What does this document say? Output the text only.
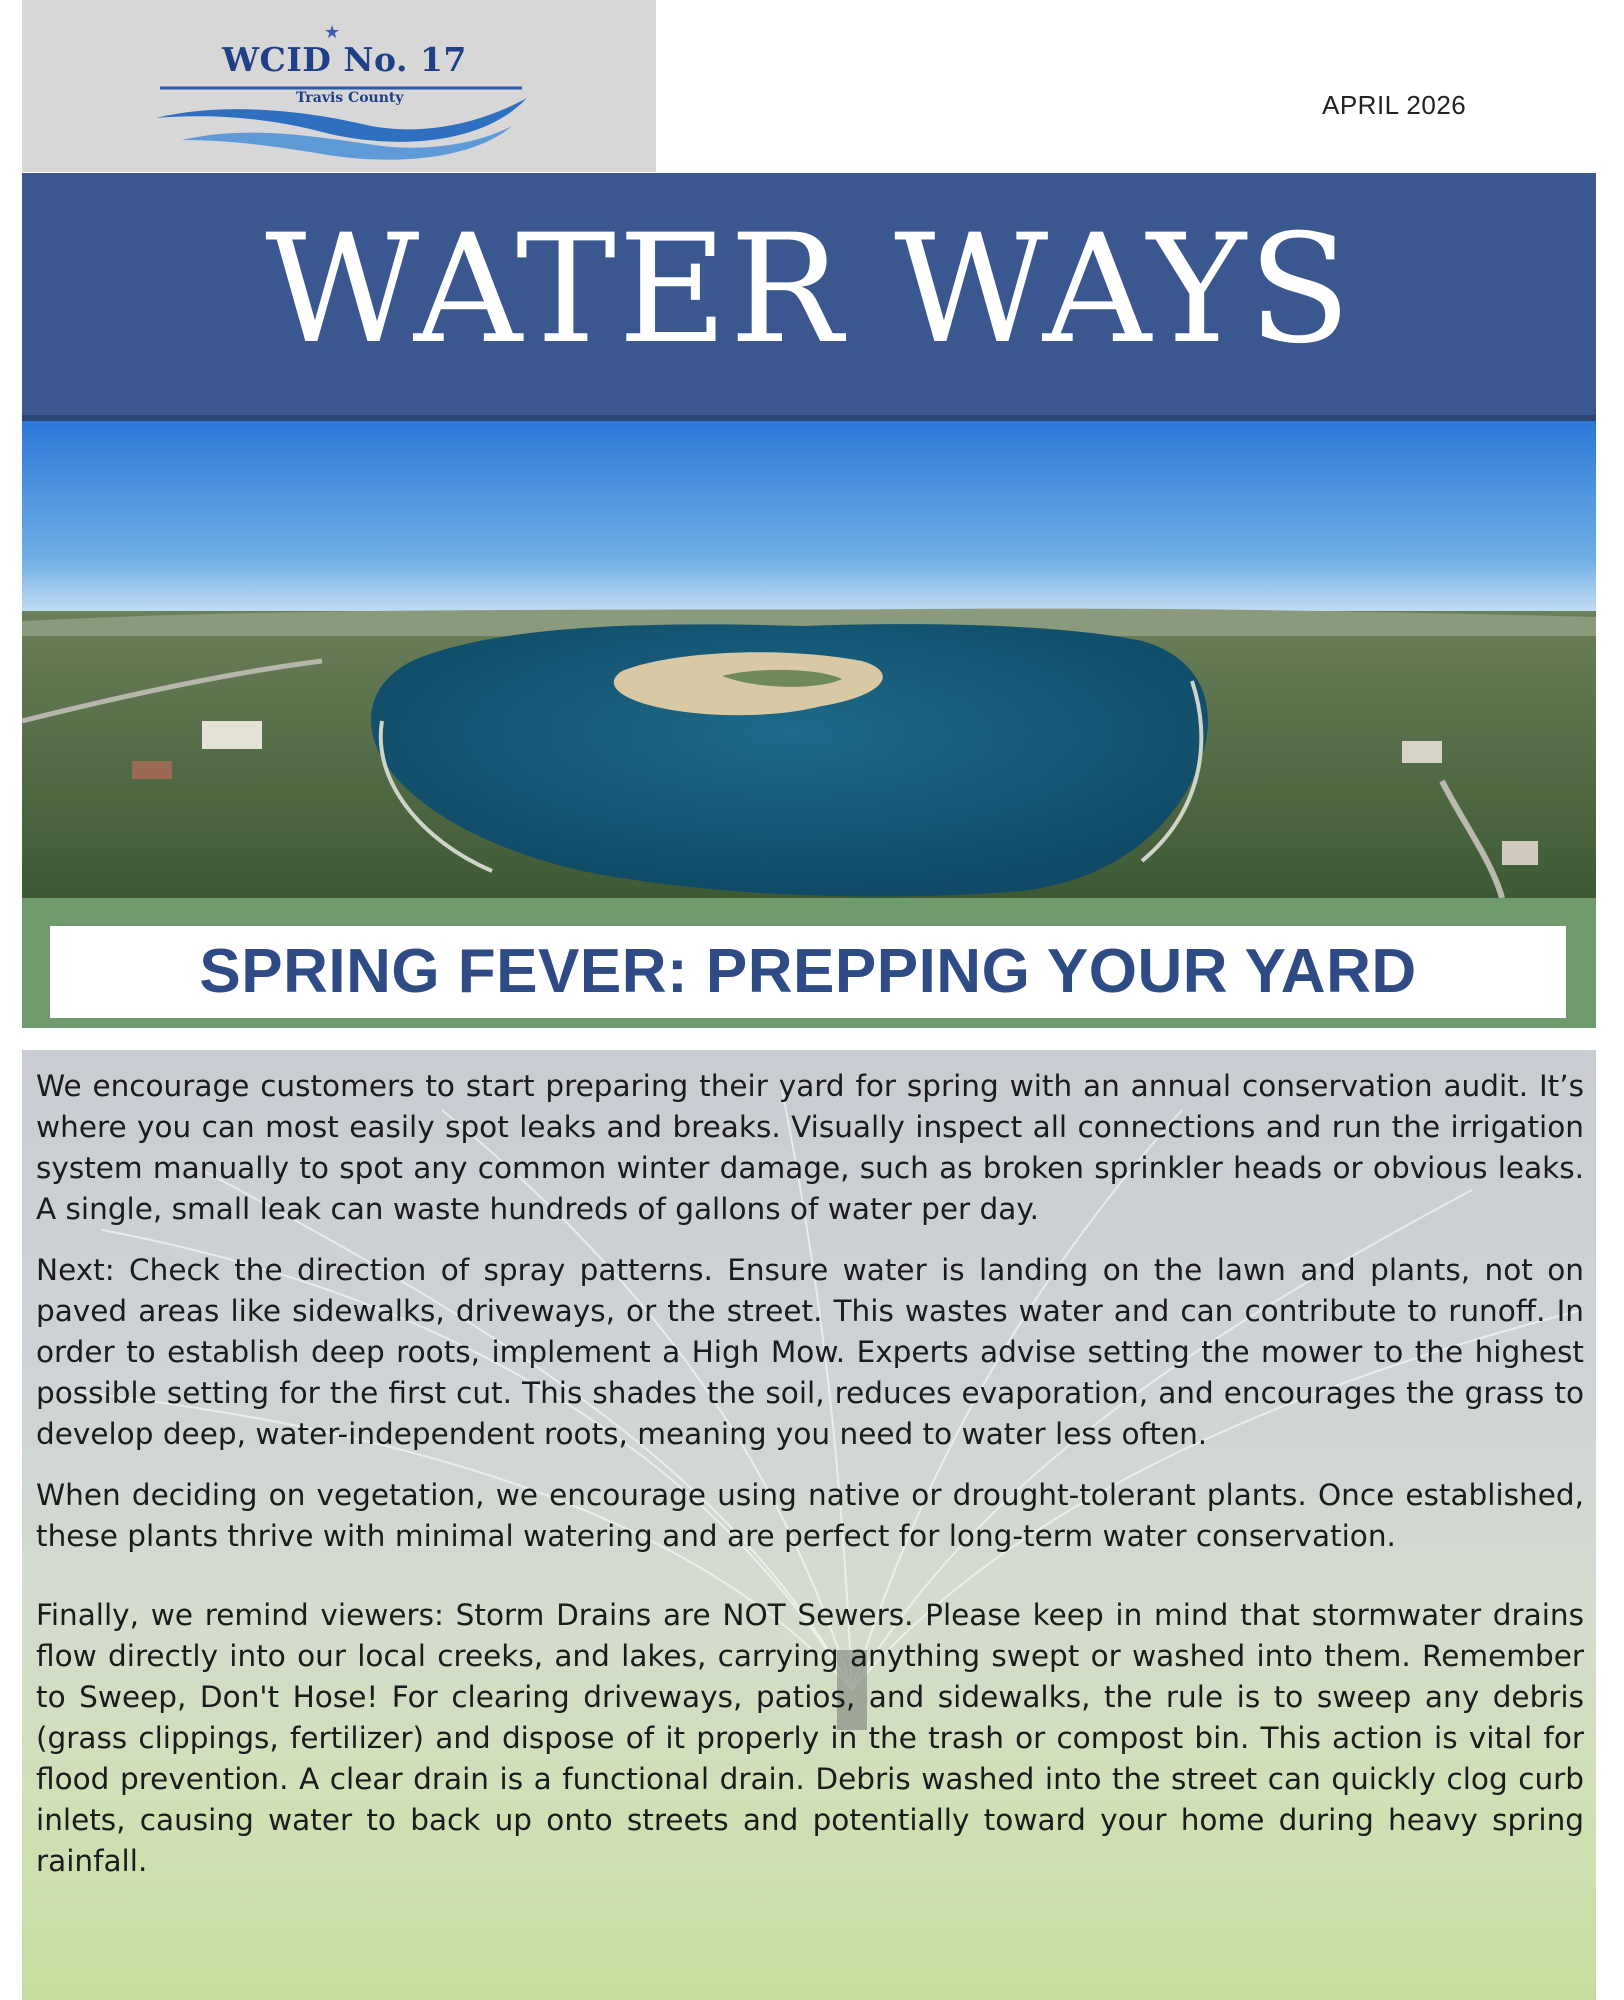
★
WCID No. 17
Travis County	APRIL 2026
WATER WAYS
SPRING FEVER: PREPPING YOUR YARD

We encourage customers to start preparing their yard for spring with an annual conservation audit. It’s where you can most easily spot leaks and breaks. Visually inspect all connections and run the irrigation system manually to spot any common winter damage, such as broken sprinkler heads or obvious leaks. A single, small leak can waste hundreds of gallons of water per day.

Next: Check the direction of spray patterns. Ensure water is landing on the lawn and plants, not on paved areas like sidewalks, driveways, or the street. This wastes water and can contribute to runoff. In order to establish deep roots, implement a High Mow. Experts advise setting the mower to the highest possible setting for the first cut. This shades the soil, reduces evaporation, and encourages the grass to develop deep, water-independent roots, meaning you need to water less often.

When deciding on vegetation, we encourage using native or drought-tolerant plants. Once established, these plants thrive with minimal watering and are perfect for long-term water conservation.

Finally, we remind viewers: Storm Drains are NOT Sewers. Please keep in mind that stormwater drains flow directly into our local creeks, and lakes, carrying anything swept or washed into them. Remember to Sweep, Don't Hose! For clearing driveways, patios, and sidewalks, the rule is to sweep any debris (grass clippings, fertilizer) and dispose of it properly in the trash or compost bin. This action is vital for flood prevention. A clear drain is a functional drain. Debris washed into the street can quickly clog curb inlets, causing water to back up onto streets and potentially toward your home during heavy spring rainfall.
